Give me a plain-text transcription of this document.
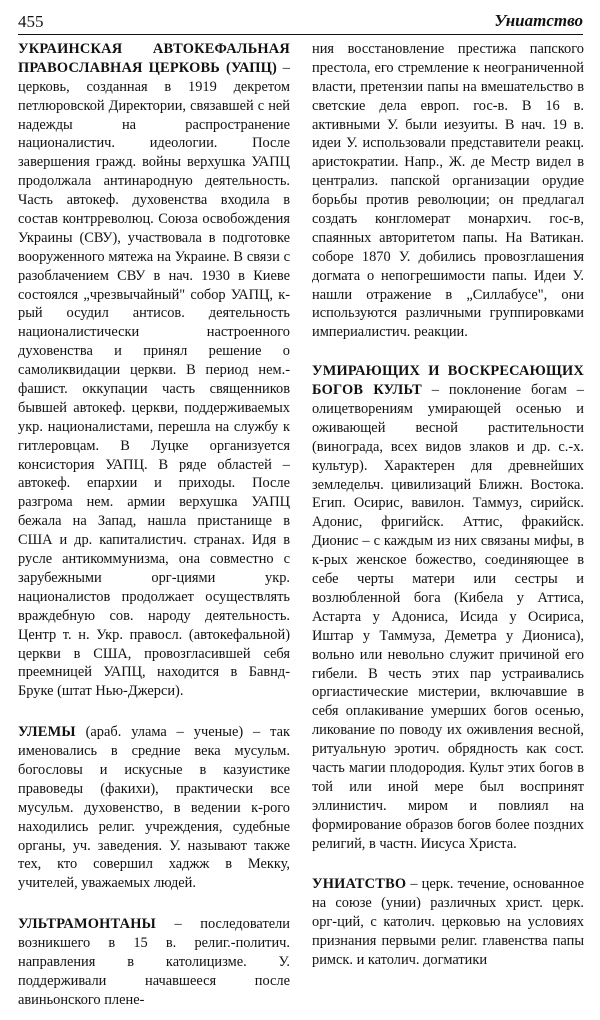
455	Униатство

УКРАИНСКАЯ АВТОКЕФАЛЬНАЯ ПРАВОСЛАВНАЯ ЦЕРКОВЬ (УАПЦ) – церковь, созданная в 1919 декретом петлюровской Директории, связавшей с ней надежды на распространение националистич. идеологии. После завершения гражд. войны верхушка УАПЦ продолжала антинародную деятельность. Часть автокеф. духовенства входила в состав контрреволюц. Союза освобождения Украины (СВУ), участвовала в подготовке вооруженного мятежа на Украине. В связи с разоблачением СВУ в нач. 1930 в Киеве состоялся „чрезвычайный" собор УАПЦ, к-рый осудил антисов. деятельность националистически настроенного духовенства и принял решение о самоликвидации церкви. В период нем.-фашист. оккупации часть священников бывшей автокеф. церкви, поддерживаемых укр. националистами, перешла на службу к гитлеровцам. В Луцке организуется консистория УАПЦ. В ряде областей – автокеф. епархии и приходы. После разгрома нем. армии верхушка УАПЦ бежала на Запад, нашла пристанище в США и др. капиталистич. странах. Идя в русле антикоммунизма, она совместно с зарубежными орг-циями укр. националистов продолжает осуществлять враждебную сов. народу деятельность. Центр т. н. Укр. правосл. (автокефальной) церкви в США, провозгласившей себя преемницей УАПЦ, находится в Бавнд-Бруке (штат Нью-Джерси).

УЛЕМЫ (араб. улама – ученые) – так именовались в средние века мусульм. богословы и искусные в казуистике правоведы (факихи), практически все мусульм. духовенство, в ведении к-рого находились религ. учреждения, судебные органы, уч. заведения. У. называют также тех, кто совершил хаджж в Мекку, учителей, уважаемых людей.

УЛЬТРАМОНТАНЫ – последователи возникшего в 15 в. религ.-политич. направления в католицизме. У. поддерживали начавшееся после авиньонского плене-

ния восстановление престижа папского престола, его стремление к неограниченной власти, претензии папы на вмешательство в светские дела европ. гос-в. В 16 в. активными У. были иезуиты. В нач. 19 в. идеи У. использовали представители реакц. аристократии. Напр., Ж. де Местр видел в централиз. папской организации орудие борьбы против революции; он предлагал создать конгломерат монархич. гос-в, спаянных авторитетом папы. На Ватикан. соборе 1870 У. добились провозглашения догмата о непогрешимости папы. Идеи У. нашли отражение в „Силлабусе", они используются различными группировками империалистич. реакции.

УМИРАЮЩИХ И ВОСКРЕСАЮЩИХ БОГОВ КУЛЬТ – поклонение богам – олицетворениям умирающей осенью и оживающей весной растительности (винограда, всех видов злаков и др. с.-х. культур). Характерен для древнейших земледельч. цивилизаций Ближн. Востока. Егип. Осирис, вавилон. Таммуз, сирийск. Адонис, фригийск. Аттис, фракийск. Дионис – с каждым из них связаны мифы, в к-рых женское божество, соединяющее в себе черты матери или сестры и возлюбленной бога (Кибела у Аттиса, Астарта у Адониса, Исида у Осириса, Иштар у Таммуза, Деметра у Диониса), вольно или невольно служит причиной его гибели. В честь этих пар устраивались оргиастические мистерии, включавшие в себя оплакивание умерших богов осенью, ликование по поводу их оживления весной, ритуальную эротич. обрядность как сост. часть магии плодородия. Культ этих богов в той или иной мере был воспринят эллинистич. миром и повлиял на формирование образов богов более поздних религий, в частн. Иисуса Христа.

УНИАТСТВО – церк. течение, основанное на союзе (унии) различных христ. церк. орг-ций, с католич. церковью на условиях признания первыми религ. главенства папы римск. и католич. догматики
